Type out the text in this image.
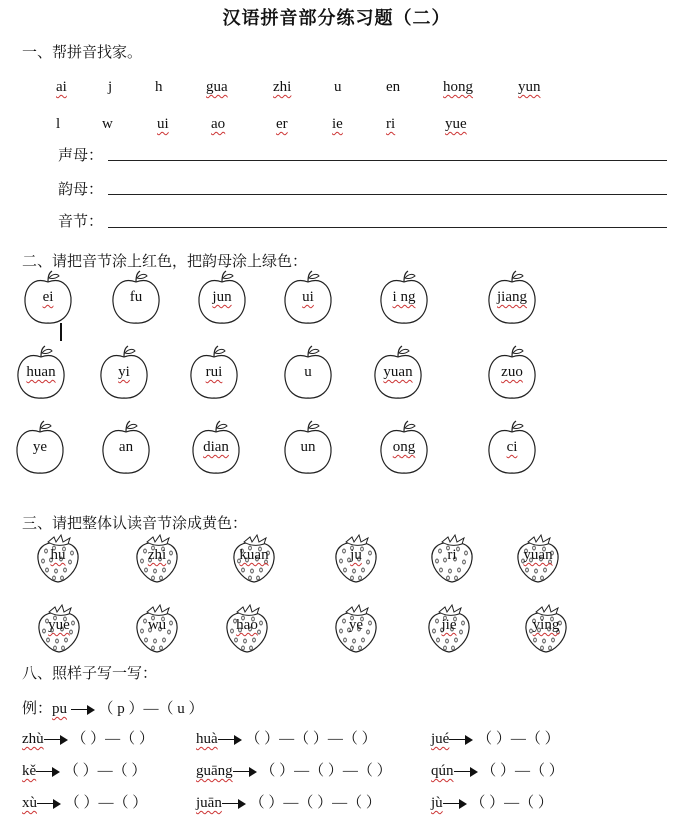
汉语拼音部分练习题（二）
一、帮拼音找家。
ai	j	h	gua	zhi	u	en	hong	yun
l	w	ui	ao	er	ie	ri	yue
声母：
韵母：
音节：
二、请把音节涂上红色，把韵母涂上绿色：
ei	fu	jun	ui	i ng	jiang
huan	yi	rui	u	yuan	zuo
ye	an	dian	un	ong	ci
三、请把整体认读音节涂成黄色：
hu	zhi	kuan	ju	ri	yuan
yue	wu	hao	ye	jie	ying
八、照样子写一写：
例：pu （ p ）—（ u ）
zhù （ ）—（ ）	huà （ ）—（ ）—（ ）	jué （ ）—（ ）
kě （ ）—（ ）	guāng （ ）—（ ）—（ ）	qún （ ）—（ ）
xù （ ）—（ ）	juān （ ）—（ ）—（ ）	jù （ ）—（ ）
